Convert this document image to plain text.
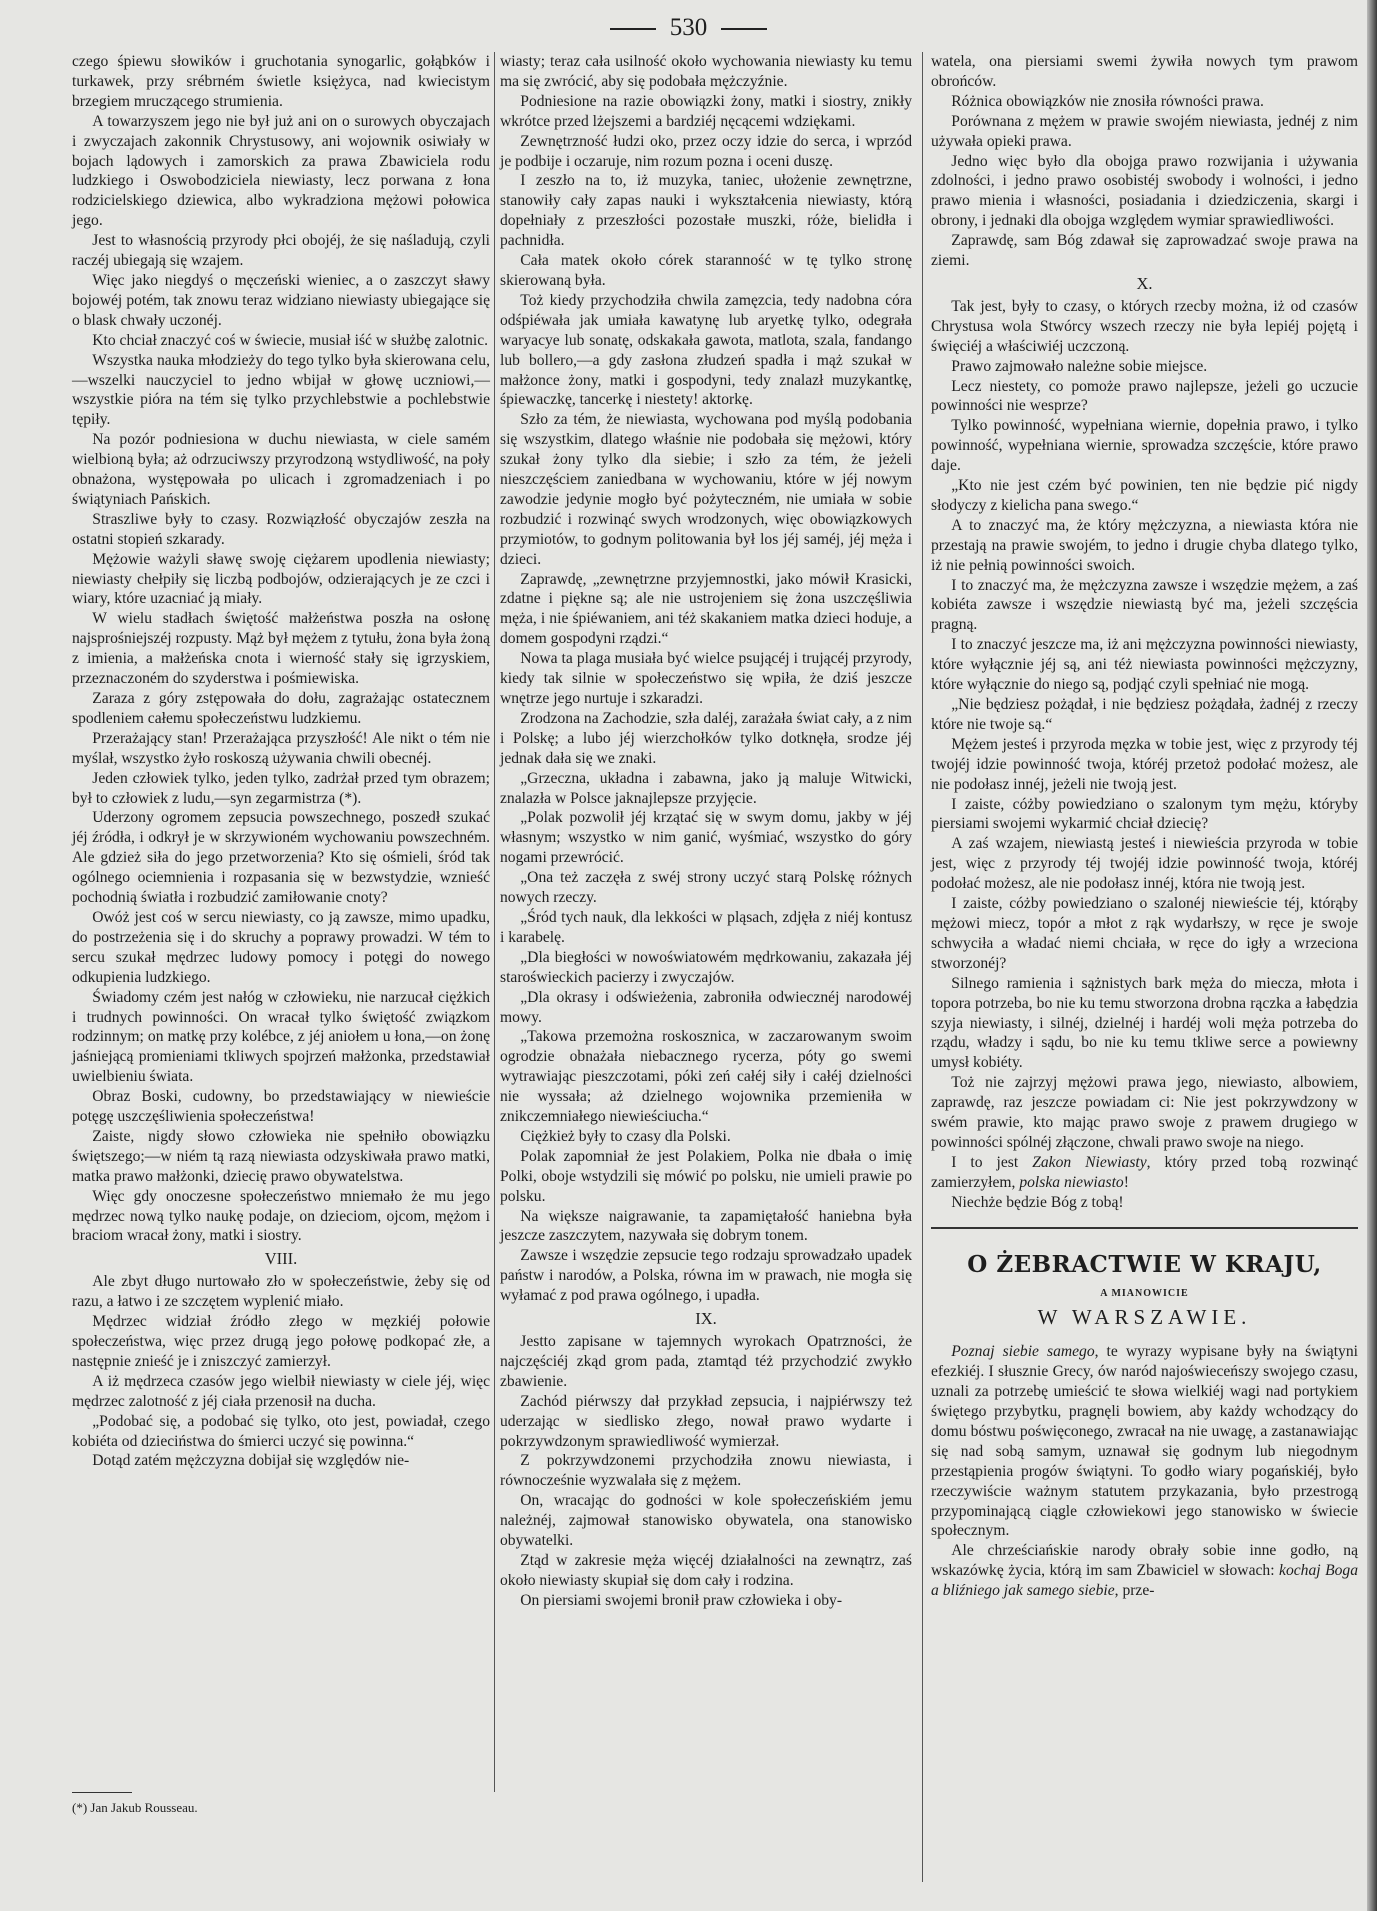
530

czego śpiewu słowików i gruchotania synogarlic, gołąbków i turkawek, przy srébrném świetle księżyca, nad kwiecistym brzegiem mruczącego strumienia.

A towarzyszem jego nie był już ani on o surowych obyczajach i zwyczajach zakonnik Chrystusowy, ani wojownik osiwiały w bojach lądowych i zamorskich za prawa Zbawiciela rodu ludzkiego i Oswobodziciela niewiasty, lecz porwana z łona rodzicielskiego dziewica, albo wykradziona mężowi połowica jego.

Jest to własnością przyrody płci obojéj, że się naśladują, czyli raczéj ubiegają się wzajem.

Więc jako niegdyś o męczeński wieniec, a o zaszczyt sławy bojowéj potém, tak znowu teraz widziano niewiasty ubiegające się o blask chwały uczonéj.

Kto chciał znaczyć coś w świecie, musiał iść w służbę zalotnic.

Wszystka nauka młodzieży do tego tylko była skierowana celu,—wszelki nauczyciel to jedno wbijał w głowę uczniowi,—wszystkie pióra na tém się tylko przychlebstwie a pochlebstwie tępiły.

Na pozór podniesiona w duchu niewiasta, w ciele samém wielbioną była; aż odrzuciwszy przyrodzoną wstydliwość, na poły obnażona, występowała po ulicach i zgromadzeniach i po świątyniach Pańskich.

Straszliwe były to czasy. Rozwiązłość obyczajów zeszła na ostatni stopień szkarady.

Mężowie ważyli sławę swoję ciężarem upodlenia niewiasty; niewiasty chełpiły się liczbą podbojów, odzierających je ze czci i wiary, które uzacniać ją miały.

W wielu stadłach świętość małżeństwa poszła na osłonę najsprośniejszéj rozpusty. Mąż był mężem z tytułu, żona była żoną z imienia, a małżeńska cnota i wierność stały się igrzyskiem, przeznaczoném do szyderstwa i pośmiewiska.

Zaraza z góry zstępowała do dołu, zagrażając ostatecznem spodleniem całemu społeczeństwu ludzkiemu.

Przerażający stan! Przerażająca przyszłość! Ale nikt o tém nie myślał, wszystko żyło roskoszą używania chwili obecnéj.

Jeden człowiek tylko, jeden tylko, zadrżał przed tym obrazem; był to człowiek z ludu,—syn zegarmistrza (*).

Uderzony ogromem zepsucia powszechnego, poszedł szukać jéj źródła, i odkrył je w skrzywioném wychowaniu powszechném. Ale gdzież siła do jego przetworzenia? Kto się ośmieli, śród tak ogólnego ociemnienia i rozpasania się w bezwstydzie, wznieść pochodnią światła i rozbudzić zamiłowanie cnoty?

Owóż jest coś w sercu niewiasty, co ją zawsze, mimo upadku, do postrzeżenia się i do skruchy a poprawy prowadzi. W tém to sercu szukał mędrzec ludowy pomocy i potęgi do nowego odkupienia ludzkiego.

Świadomy czém jest nałóg w człowieku, nie narzucał ciężkich i trudnych powinności. On wracał tylko świętość związkom rodzinnym; on matkę przy kolébce, z jéj aniołem u łona,—on żonę jaśniejącą promieniami tkliwych spojrzeń małżonka, przedstawiał uwielbieniu świata.

Obraz Boski, cudowny, bo przedstawiający w niewieście potęgę uszczęśliwienia społeczeństwa!

Zaiste, nigdy słowo człowieka nie spełniło obowiązku świętszego;—w niém tą razą niewiasta odzyskiwała prawo matki, matka prawo małżonki, dziecię prawo obywatelstwa.

Więc gdy onoczesne społeczeństwo mniemało że mu jego mędrzec nową tylko naukę podaje, on dzieciom, ojcom, mężom i braciom wracał żony, matki i siostry.

VIII.

Ale zbyt długo nurtowało zło w społeczeństwie, żeby się od razu, a łatwo i ze szczętem wyplenić miało.

Mędrzec widział źródło złego w męzkiéj połowie społeczeństwa, więc przez drugą jego połowę podkopać złe, a następnie znieść je i zniszczyć zamierzył.

A iż mędrzeca czasów jego wielbił niewiasty w ciele jéj, więc mędrzec zalotność z jéj ciała przenosił na ducha.

„Podobać się, a podobać się tylko, oto jest, powiadał, czego kobiéta od dzieciństwa do śmierci uczyć się powinna.“

Dotąd zatém mężczyzna dobijał się względów nie-

wiasty; teraz cała usilność około wychowania niewiasty ku temu ma się zwrócić, aby się podobała mężczyźnie.

Podniesione na razie obowiązki żony, matki i siostry, znikły wkrótce przed lżejszemi a bardziéj nęcącemi wdziękami.

Zewnętrzność łudzi oko, przez oczy idzie do serca, i wprzód je podbije i oczaruje, nim rozum pozna i oceni duszę.

I zeszło na to, iż muzyka, taniec, ułożenie zewnętrzne, stanowiły cały zapas nauki i wykształcenia niewiasty, którą dopełniały z przeszłości pozostałe muszki, róże, bielidła i pachnidła.

Cała matek około córek staranność w tę tylko stronę skierowaną była.

Toż kiedy przychodziła chwila zamęzcia, tedy nadobna córa odśpiéwała jak umiała kawatynę lub aryetkę tylko, odegrała waryacye lub sonatę, odskakała gawota, matlota, szala, fandango lub bollero,—a gdy zasłona złudzeń spadła i mąż szukał w małżonce żony, matki i gospodyni, tedy znalazł muzykantkę, śpiewaczkę, tancerkę i niestety! aktorkę.

Szło za tém, że niewiasta, wychowana pod myślą podobania się wszystkim, dlatego właśnie nie podobała się mężowi, który szukał żony tylko dla siebie; i szło za tém, że jeżeli nieszczęściem zaniedbana w wychowaniu, które w jéj nowym zawodzie jedynie mogło być pożyteczném, nie umiała w sobie rozbudzić i rozwinąć swych wrodzonych, więc obowiązkowych przymiotów, to godnym politowania był los jéj saméj, jéj męża i dzieci.

Zaprawdę, „zewnętrzne przyjemnostki, jako mówił Krasicki, zdatne i piękne są; ale nie ustrojeniem się żona uszczęśliwia męża, i nie śpiéwaniem, ani téż skakaniem matka dzieci hoduje, a domem gospodyni rządzi.“

Nowa ta plaga musiała być wielce psującéj i trującéj przyrody, kiedy tak silnie w społeczeństwo się wpiła, że dziś jeszcze wnętrze jego nurtuje i szkaradzi.

Zrodzona na Zachodzie, szła daléj, zarażała świat cały, a z nim i Polskę; a lubo jéj wierzchołków tylko dotknęła, srodze jéj jednak dała się we znaki.

„Grzeczna, układna i zabawna, jako ją maluje Witwicki, znalazła w Polsce jaknajlepsze przyjęcie.

„Polak pozwolił jéj krzątać się w swym domu, jakby w jéj własnym; wszystko w nim ganić, wyśmiać, wszystko do góry nogami przewrócić.

„Ona też zaczęła z swéj strony uczyć starą Polskę różnych nowych rzeczy.

„Śród tych nauk, dla lekkości w pląsach, zdjęła z niéj kontusz i karabelę.

„Dla biegłości w nowoświatowém mędrkowaniu, zakazała jéj staroświeckich pacierzy i zwyczajów.

„Dla okrasy i odświeżenia, zabroniła odwiecznéj narodowéj mowy.

„Takowa przemożna roskosznica, w zaczarowanym swoim ogrodzie obnażała niebacznego rycerza, póty go swemi wytrawiając pieszczotami, póki zeń całéj siły i całéj dzielności nie wyssała; aż dzielnego wojownika przemieniła w znikczemniałego niewieściucha.“

Ciężkież były to czasy dla Polski.

Polak zapomniał że jest Polakiem, Polka nie dbała o imię Polki, oboje wstydzili się mówić po polsku, nie umieli prawie po polsku.

Na większe naigrawanie, ta zapamiętałość haniebna była jeszcze zaszczytem, nazywała się dobrym tonem.

Zawsze i wszędzie zepsucie tego rodzaju sprowadzało upadek państw i narodów, a Polska, równa im w prawach, nie mogła się wyłamać z pod prawa ogólnego, i upadła.

IX.

Jestto zapisane w tajemnych wyrokach Opatrzności, że najczęściéj zkąd grom pada, ztamtąd téż przychodzić zwykło zbawienie.

Zachód piérwszy dał przykład zepsucia, i najpiérwszy też uderzając w siedlisko złego, nował prawo wydarte i pokrzywdzonym sprawiedliwość wymierzał.

Z pokrzywdzonemi przychodziła znowu niewiasta, i równocześnie wyzwalała się z mężem.

On, wracając do godności w kole społeczeńskiém jemu należnéj, zajmował stanowisko obywatela, ona stanowisko obywatelki.

Ztąd w zakresie męża więcéj działalności na zewnątrz, zaś około niewiasty skupiał się dom cały i rodzina.

On piersiami swojemi bronił praw człowieka i oby-

watela, ona piersiami swemi żywiła nowych tym prawom obrońców.

Różnica obowiązków nie znosiła równości prawa.

Porównana z mężem w prawie swojém niewiasta, jednéj z nim używała opieki prawa.

Jedno więc było dla obojga prawo rozwijania i używania zdolności, i jedno prawo osobistéj swobody i wolności, i jedno prawo mienia i własności, posiadania i dziedziczenia, skargi i obrony, i jednaki dla obojga względem wymiar sprawiedliwości.

Zaprawdę, sam Bóg zdawał się zaprowadzać swoje prawa na ziemi.

X.

Tak jest, były to czasy, o których rzecby można, iż od czasów Chrystusa wola Stwórcy wszech rzeczy nie była lepiéj pojętą i święciéj a właściwiéj uczczoną.

Prawo zajmowało należne sobie miejsce.

Lecz niestety, co pomoże prawo najlepsze, jeżeli go uczucie powinności nie wesprze?

Tylko powinność, wypełniana wiernie, dopełnia prawo, i tylko powinność, wypełniana wiernie, sprowadza szczęście, które prawo daje.

„Kto nie jest czém być powinien, ten nie będzie pić nigdy słodyczy z kielicha pana swego.“

A to znaczyć ma, że który mężczyzna, a niewiasta która nie przestają na prawie swojém, to jedno i drugie chyba dlatego tylko, iż nie pełnią powinności swoich.

I to znaczyć ma, że mężczyzna zawsze i wszędzie mężem, a zaś kobiéta zawsze i wszędzie niewiastą być ma, jeżeli szczęścia pragną.

I to znaczyć jeszcze ma, iż ani mężczyzna powinności niewiasty, które wyłącznie jéj są, ani téż niewiasta powinności mężczyzny, które wyłącznie do niego są, podjąć czyli spełniać nie mogą.

„Nie będziesz pożądał, i nie będziesz pożądała, żadnéj z rzeczy które nie twoje są.“

Mężem jesteś i przyroda męzka w tobie jest, więc z przyrody téj twojéj idzie powinność twoja, któréj przetoż podołać możesz, ale nie podołasz innéj, jeżeli nie twoją jest.

I zaiste, cóżby powiedziano o szalonym tym mężu, któryby piersiami swojemi wykarmić chciał dziecię?

A zaś wzajem, niewiastą jesteś i niewieścia przyroda w tobie jest, więc z przyrody téj twojéj idzie powinność twoja, któréj podołać możesz, ale nie podołasz innéj, która nie twoją jest.

I zaiste, cóżby powiedziano o szalonéj niewieście téj, którąby mężowi miecz, topór a młot z rąk wydarłszy, w ręce je swoje schwyciła a władać niemi chciała, w ręce do igły a wrzeciona stworzonéj?

Silnego ramienia i sążnistych bark męża do miecza, młota i topora potrzeba, bo nie ku temu stworzona drobna rączka a łabędzia szyja niewiasty, i silnéj, dzielnéj i hardéj woli męża potrzeba do rządu, władzy i sądu, bo nie ku temu tkliwe serce a powiewny umysł kobiéty.

Toż nie zajrzyj mężowi prawa jego, niewiasto, albowiem, zaprawdę, raz jeszcze powiadam ci: Nie jest pokrzywdzony w swém prawie, kto mając prawo swoje z prawem drugiego w powinności spólnéj złączone, chwali prawo swoje na niego.

I to jest Zakon Niewiasty, który przed tobą rozwinąć zamierzyłem, polska niewiasto!

Niechże będzie Bóg z tobą!

O ŻEBRACTWIE W KRAJU,
A MIANOWICIE
W WARSZAWIE.

Poznaj siebie samego, te wyrazy wypisane były na świątyni efezkiéj. I słusznie Grecy, ów naród najoświeceńszy swojego czasu, uznali za potrzebę umieścić te słowa wielkiéj wagi nad portykiem świętego przybytku, pragnęli bowiem, aby każdy wchodzący do domu bóstwu poświęconego, zwracał na nie uwagę, a zastanawiając się nad sobą samym, uznawał się godnym lub niegodnym przestąpienia progów świątyni. To godło wiary pogańskiéj, było rzeczywiście ważnym statutem przykazania, było przestrogą przypominającą ciągle człowiekowi jego stanowisko w świecie społecznym.

Ale chrześciańskie narody obrały sobie inne godło, ną wskazówkę życia, którą im sam Zbawiciel w słowach: kochaj Boga a bliźniego jak samego siebie, prze-

(*) Jan Jakub Rousseau.
